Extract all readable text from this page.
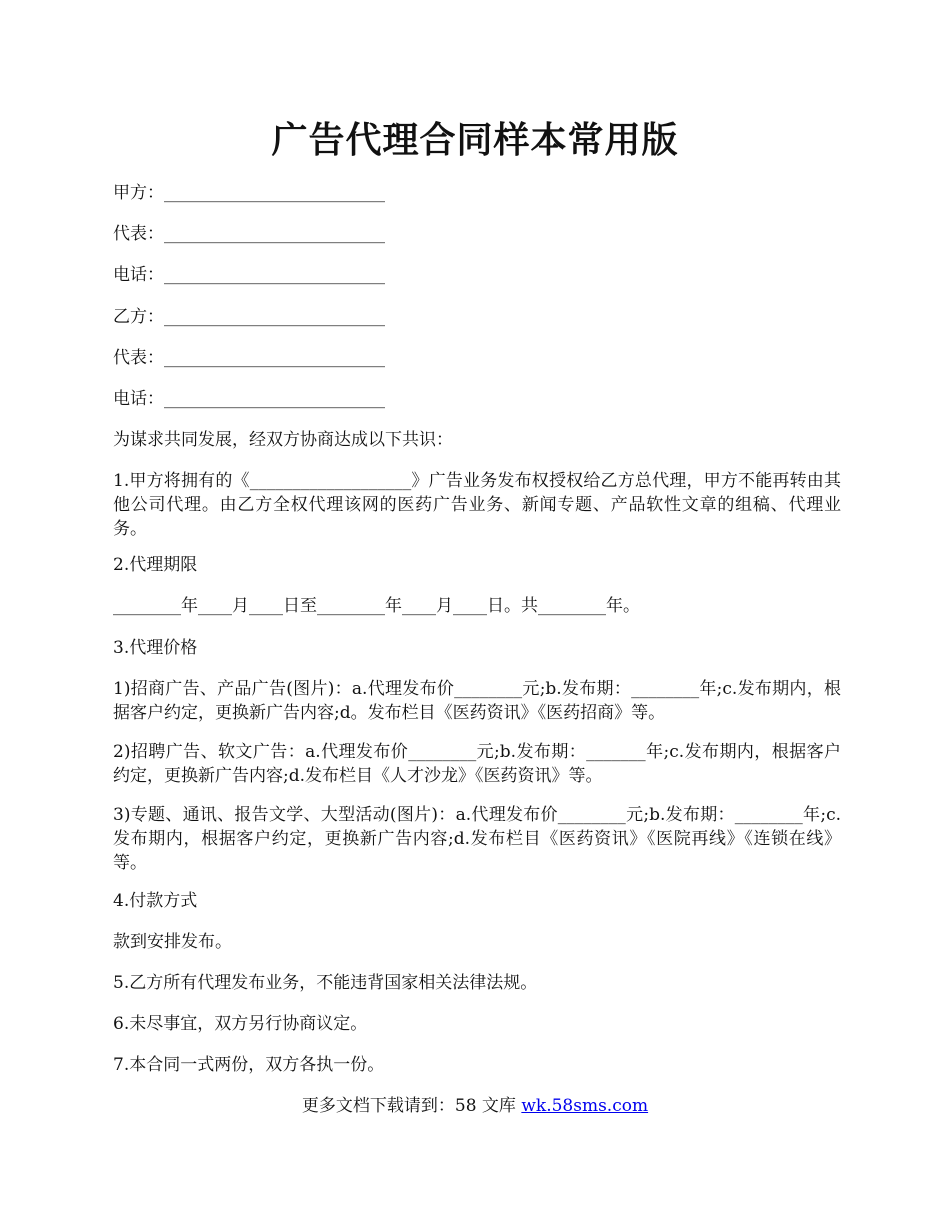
广告代理合同样本常用版
甲方：__________________________
代表：__________________________
电话：__________________________
乙方：__________________________
代表：__________________________
电话：__________________________
为谋求共同发展，经双方协商达成以下共识：
1.甲方将拥有的《___________________》广告业务发布权授权给乙方总代理，甲方不能再转由其他公司代理。由乙方全权代理该网的医药广告业务、新闻专题、产品软性文章的组稿、代理业务。
2.代理期限
________年____月____日至________年____月____日。共________年。
3.代理价格
1)招商广告、产品广告(图片)：a.代理发布价________元;b.发布期：________年;c.发布期内，根据客户约定，更换新广告内容;d。发布栏目《医药资讯》《医药招商》等。
2)招聘广告、软文广告：a.代理发布价________元;b.发布期：_______年;c.发布期内，根据客户约定，更换新广告内容;d.发布栏目《人才沙龙》《医药资讯》等。
3)专题、通讯、报告文学、大型活动(图片)：a.代理发布价________元;b.发布期：________年;c.发布期内，根据客户约定，更换新广告内容;d.发布栏目《医药资讯》《医院再线》《连锁在线》等。
4.付款方式
款到安排发布。
5.乙方所有代理发布业务，不能违背国家相关法律法规。
6.未尽事宜，双方另行协商议定。
7.本合同一式两份，双方各执一份。
更多文档下载请到：58 文库 wk.58sms.com
